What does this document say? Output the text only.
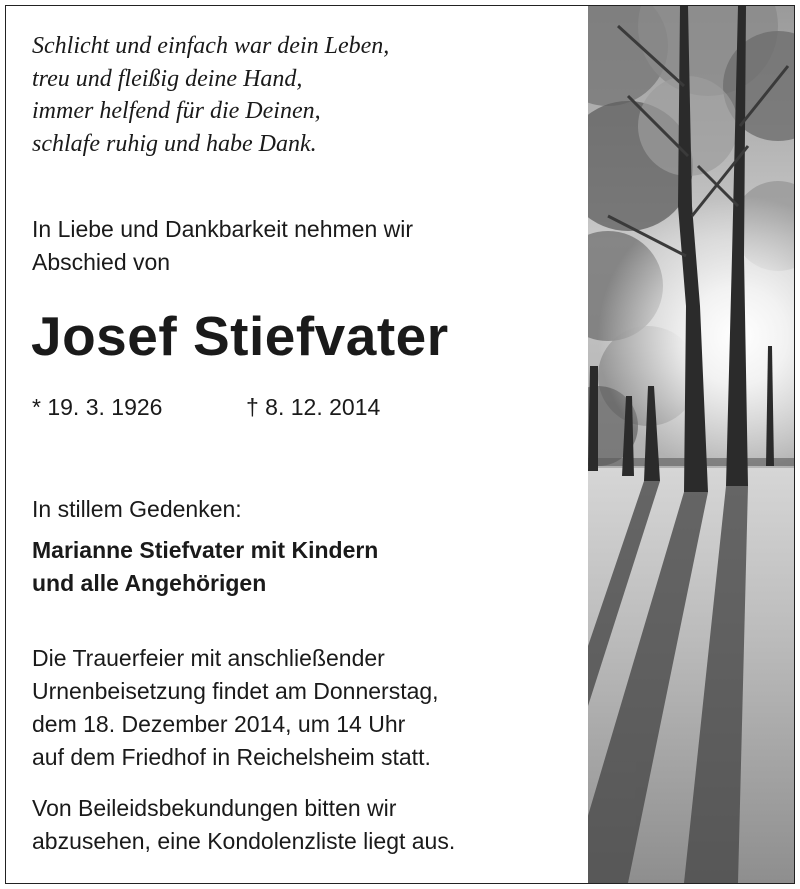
Schlicht und einfach war dein Leben,
treu und fleißig deine Hand,
immer helfend für die Deinen,
schlafe ruhig und habe Dank.
In Liebe und Dankbarkeit nehmen wir
Abschied von
Josef Stiefvater
* 19. 3. 1926	† 8. 12. 2014
In stillem Gedenken:
Marianne Stiefvater mit Kindern
und alle Angehörigen
Die Trauerfeier mit anschließender
Urnenbeisetzung findet am Donnerstag,
dem 18. Dezember 2014, um 14 Uhr
auf dem Friedhof in Reichelsheim statt.
Von Beileidsbekundungen bitten wir
abzusehen, eine Kondolenzliste liegt aus.
